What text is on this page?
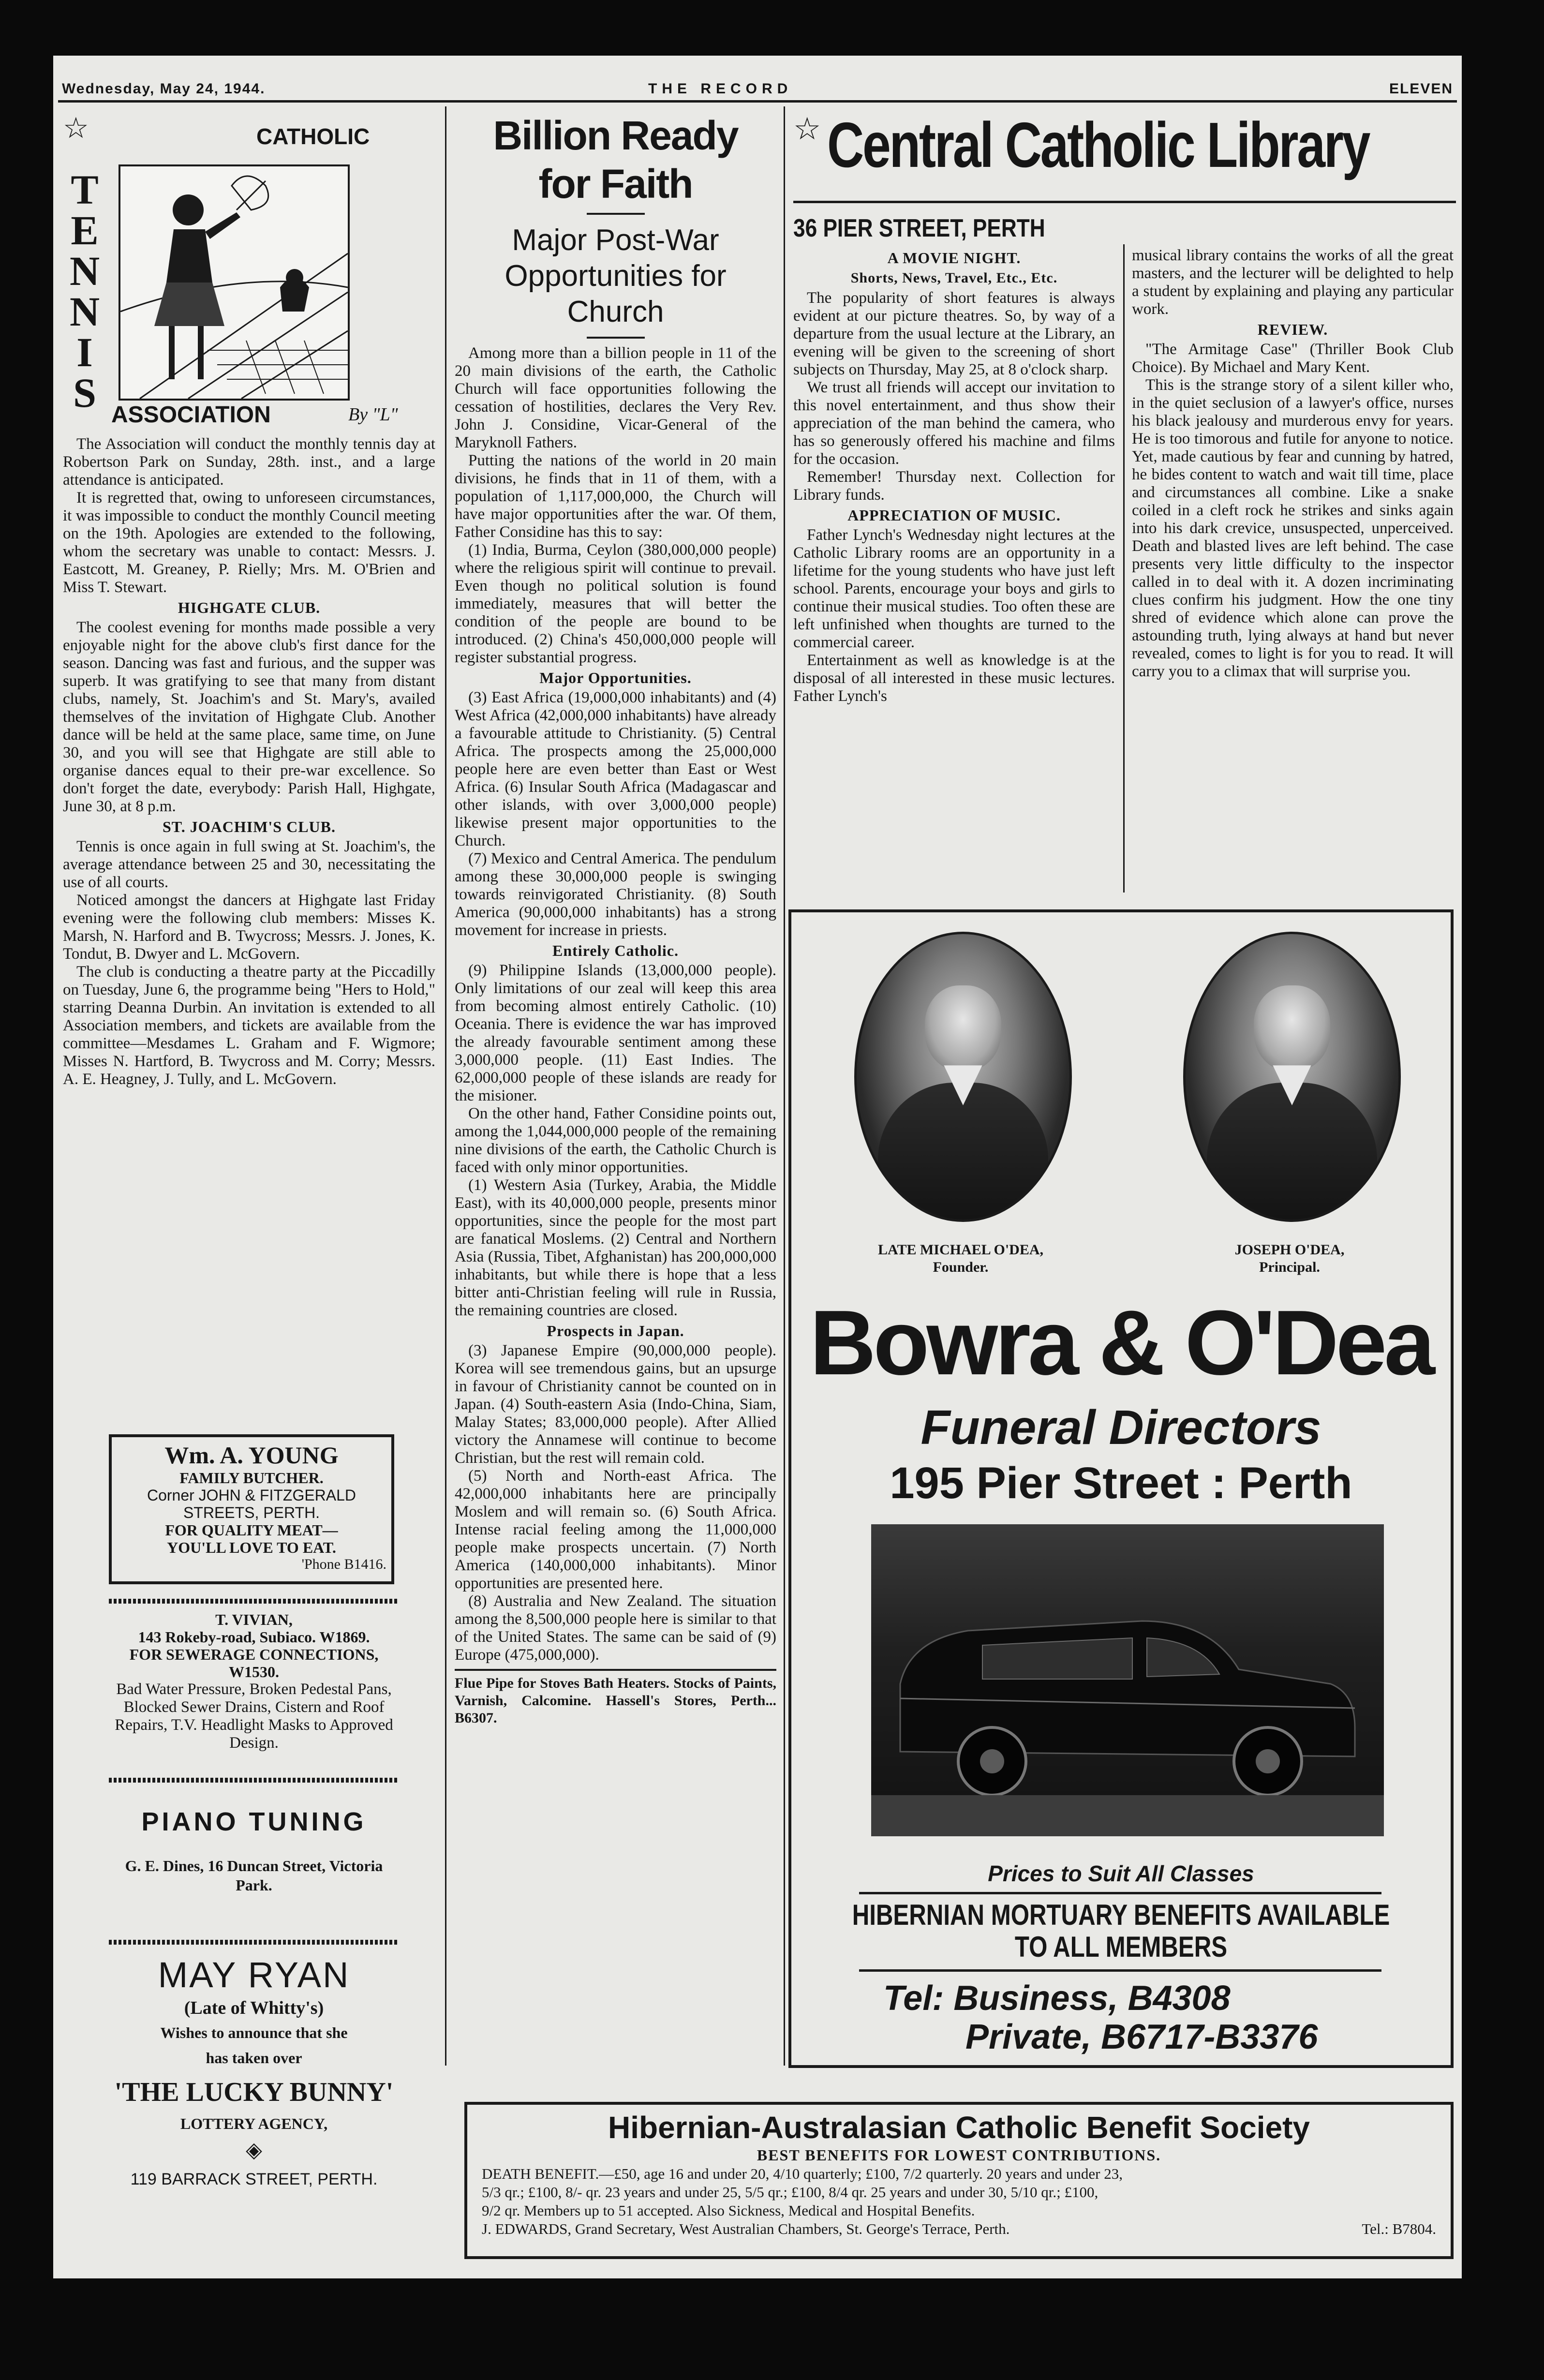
Wednesday, May 24, 1944.	THE RECORD	ELEVEN
☆
T
E
N
N
I
S
CATHOLIC
ASSOCIATION	By "L"

The Association will conduct the monthly tennis day at Robertson Park on Sunday, 28th. inst., and a large attendance is anticipated.

It is regretted that, owing to unforeseen circumstances, it was impossible to conduct the monthly Council meeting on the 19th. Apologies are extended to the following, whom the secretary was unable to contact: Messrs. J. Eastcott, M. Greaney, P. Rielly; Mrs. M. O'Brien and Miss T. Stewart.

HIGHGATE CLUB.

The coolest evening for months made possible a very enjoyable night for the above club's first dance for the season. Dancing was fast and furious, and the supper was superb. It was gratifying to see that many from distant clubs, namely, St. Joachim's and St. Mary's, availed themselves of the invitation of Highgate Club. Another dance will be held at the same place, same time, on June 30, and you will see that Highgate are still able to organise dances equal to their pre-war excellence. So don't forget the date, everybody: Parish Hall, Highgate, June 30, at 8 p.m.

ST. JOACHIM'S CLUB.

Tennis is once again in full swing at St. Joachim's, the average attendance between 25 and 30, necessitating the use of all courts.

Noticed amongst the dancers at Highgate last Friday evening were the following club members: Misses K. Marsh, N. Harford and B. Twycross; Messrs. J. Jones, K. Tondut, B. Dwyer and L. McGovern.

The club is conducting a theatre party at the Piccadilly on Tuesday, June 6, the programme being "Hers to Hold," starring Deanna Durbin. An invitation is extended to all Association members, and tickets are available from the committee—Mesdames L. Graham and F. Wigmore; Misses N. Hartford, B. Twycross and M. Corry; Messrs. A. E. Heagney, J. Tully, and L. McGovern.

Wm. A. YOUNG
FAMILY BUTCHER.
Corner JOHN & FITZGERALD
STREETS, PERTH.
FOR QUALITY MEAT—
YOU'LL LOVE TO EAT.
'Phone B1416.
T. VIVIAN,
143 Rokeby-road, Subiaco. W1869.
FOR SEWERAGE CONNECTIONS,
W1530.
Bad Water Pressure, Broken Pedestal Pans, Blocked Sewer Drains, Cistern and Roof Repairs, T.V. Headlight Masks to Approved Design.
PIANO TUNING
G. E. Dines, 16 Duncan Street, Victoria Park.
MAY RYAN
(Late of Whitty's)
Wishes to announce that she
has taken over
'THE LUCKY BUNNY'
LOTTERY AGENCY,
◈
119 BARRACK STREET, PERTH.
Billion Ready
for Faith
Major Post-War
Opportunities for
Church

Among more than a billion people in 11 of the 20 main divisions of the earth, the Catholic Church will face opportunities following the cessation of hostilities, declares the Very Rev. John J. Considine, Vicar-General of the Maryknoll Fathers.

Putting the nations of the world in 20 main divisions, he finds that in 11 of them, with a population of 1,117,000,000, the Church will have major opportunities after the war. Of them, Father Considine has this to say:

(1) India, Burma, Ceylon (380,000,000 people) where the religious spirit will continue to prevail. Even though no political solution is found immediately, measures that will better the condition of the people are bound to be introduced. (2) China's 450,000,000 people will register substantial progress.

Major Opportunities.

(3) East Africa (19,000,000 inhabitants) and (4) West Africa (42,000,000 inhabitants) have already a favourable attitude to Christianity. (5) Central Africa. The prospects among the 25,000,000 people here are even better than East or West Africa. (6) Insular South Africa (Madagascar and other islands, with over 3,000,000 people) likewise present major opportunities to the Church.

(7) Mexico and Central America. The pendulum among these 30,000,000 people is swinging towards reinvigorated Christianity. (8) South America (90,000,000 inhabitants) has a strong movement for increase in priests.

Entirely Catholic.

(9) Philippine Islands (13,000,000 people). Only limitations of our zeal will keep this area from becoming almost entirely Catholic. (10) Oceania. There is evidence the war has improved the already favourable sentiment among these 3,000,000 people. (11) East Indies. The 62,000,000 people of these islands are ready for the misioner.

On the other hand, Father Considine points out, among the 1,044,000,000 people of the remaining nine divisions of the earth, the Catholic Church is faced with only minor opportunities.

(1) Western Asia (Turkey, Arabia, the Middle East), with its 40,000,000 people, presents minor opportunities, since the people for the most part are fanatical Moslems. (2) Central and Northern Asia (Russia, Tibet, Afghanistan) has 200,000,000 inhabitants, but while there is hope that a less bitter anti-Christian feeling will rule in Russia, the remaining countries are closed.

Prospects in Japan.

(3) Japanese Empire (90,000,000 people). Korea will see tremendous gains, but an upsurge in favour of Christianity cannot be counted on in Japan. (4) South-eastern Asia (Indo-China, Siam, Malay States; 83,000,000 people). After Allied victory the Annamese will continue to become Christian, but the rest will remain cold.

(5) North and North-east Africa. The 42,000,000 inhabitants here are principally Moslem and will remain so. (6) South Africa. Intense racial feeling among the 11,000,000 people make prospects uncertain. (7) North America (140,000,000 inhabitants). Minor opportunities are presented here.

(8) Australia and New Zealand. The situation among the 8,500,000 people here is similar to that of the United States. The same can be said of (9) Europe (475,000,000).

Flue Pipe for Stoves Bath Heaters. Stocks of Paints, Varnish, Calcomine. Hassell's Stores, Perth... B6307.
☆ Central Catholic Library
36 PIER STREET, PERTH
A MOVIE NIGHT.
Shorts, News, Travel, Etc., Etc.

The popularity of short features is always evident at our picture theatres. So, by way of a departure from the usual lecture at the Library, an evening will be given to the screening of short subjects on Thursday, May 25, at 8 o'clock sharp.

We trust all friends will accept our invitation to this novel entertainment, and thus show their appreciation of the man behind the camera, who has so generously offered his machine and films for the occasion.

Remember! Thursday next. Collection for Library funds.

APPRECIATION OF MUSIC.

Father Lynch's Wednesday night lectures at the Catholic Library rooms are an opportunity in a lifetime for the young students who have just left school. Parents, encourage your boys and girls to continue their musical studies. Too often these are left unfinished when thoughts are turned to the commercial career.

Entertainment as well as knowledge is at the disposal of all interested in these music lectures. Father Lynch's

musical library contains the works of all the great masters, and the lecturer will be delighted to help a student by explaining and playing any particular work.

REVIEW.

"The Armitage Case" (Thriller Book Club Choice). By Michael and Mary Kent.

This is the strange story of a silent killer who, in the quiet seclusion of a lawyer's office, nurses his black jealousy and murderous envy for years. He is too timorous and futile for anyone to notice. Yet, made cautious by fear and cunning by hatred, he bides content to watch and wait till time, place and circumstances all combine. Like a snake coiled in a cleft rock he strikes and sinks again into his dark crevice, unsuspected, unperceived. Death and blasted lives are left behind. The case presents very little difficulty to the inspector called in to deal with it. A dozen incriminating clues confirm his judgment. How the one tiny shred of evidence which alone can prove the astounding truth, lying always at hand but never revealed, comes to light is for you to read. It will carry you to a climax that will surprise you.

LATE MICHAEL O'DEA,
Founder.
JOSEPH O'DEA,
Principal.
Bowra & O'Dea
Funeral Directors
195 Pier Street : Perth
Prices to Suit All Classes
HIBERNIAN MORTUARY BENEFITS AVAILABLE
TO ALL MEMBERS
Tel: Business, B4308
Private, B6717-B3376
Hibernian-Australasian Catholic Benefit Society
BEST BENEFITS FOR LOWEST CONTRIBUTIONS.
DEATH BENEFIT.—£50, age 16 and under 20, 4/10 quarterly; £100, 7/2 quarterly. 20 years and under 23,
5/3 qr.; £100, 8/- qr. 23 years and under 25, 5/5 qr.; £100, 8/4 qr. 25 years and under 30, 5/10 qr.; £100,
9/2 qr. Members up to 51 accepted. Also Sickness, Medical and Hospital Benefits.
J. EDWARDS, Grand Secretary, West Australian Chambers, St. George's Terrace, Perth.	Tel.: B7804.
